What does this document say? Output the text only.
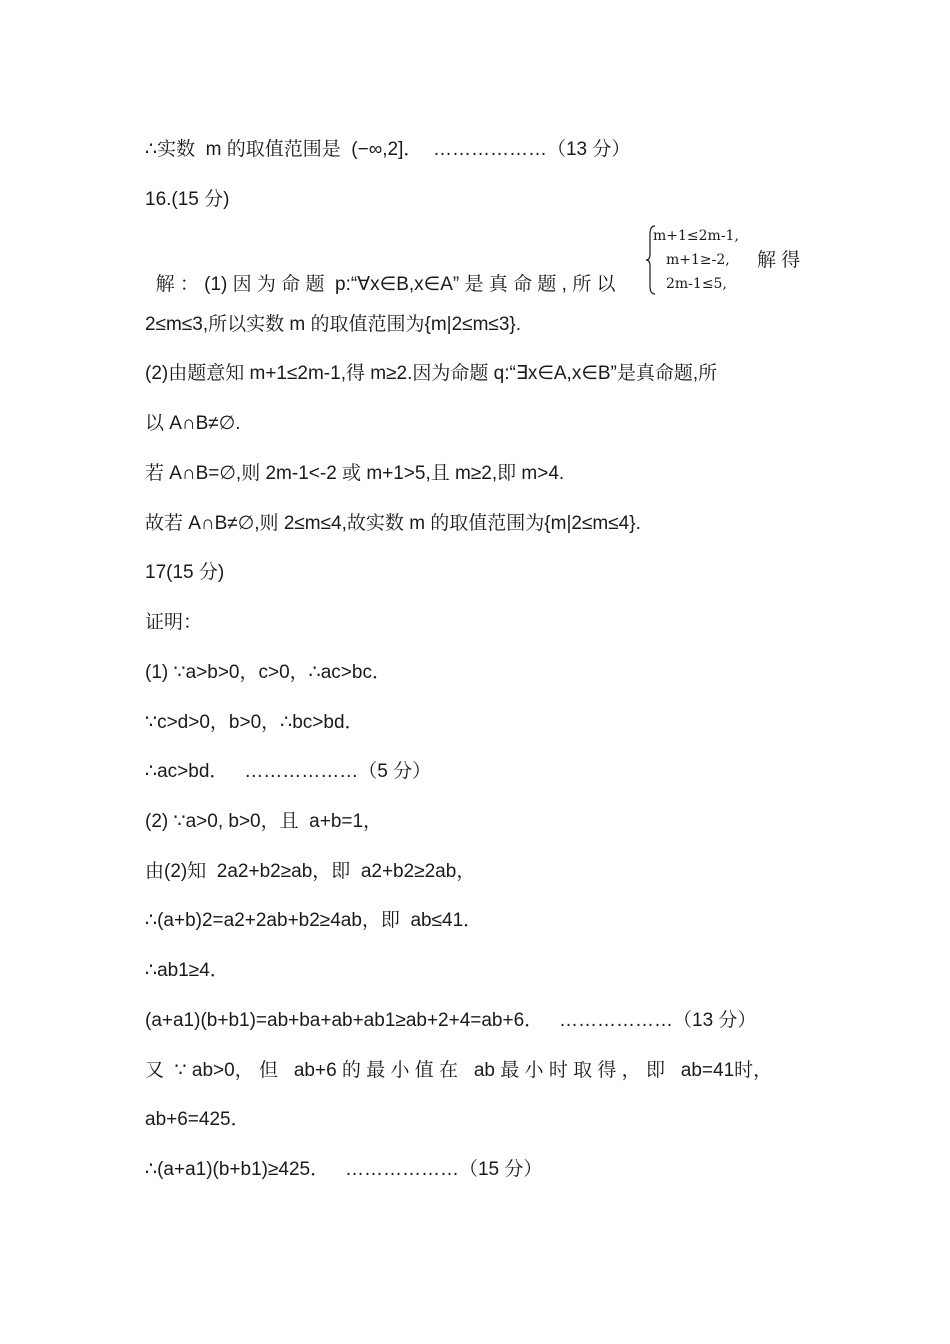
∴实数  m 的取值范围是  (−∞,2]．  ………………（13 分）
16.(15 分)

解 ： (1) 因 为 命 题  p:“∀x∈B,x∈A” 是 真 命 题 , 所 以

m+1≤2m-1,
m+1≥-2,
2m-1≤5,
解 得
2≤m≤3,所以实数 m 的取值范围为{m|2≤m≤3}.
(2)由题意知 m+1≤2m-1,得 m≥2.因为命题 q:“∃x∈A,x∈B”是真命题,所
以 A∩B≠∅.
若 A∩B=∅,则 2m-1<-2 或 m+1>5,且 m≥2,即 m>4.
故若 A∩B≠∅,则 2≤m≤4,故实数 m 的取值范围为{m|2≤m≤4}.
17(15 分)
证明：
(1) ∵a>b>0，c>0，∴ac>bc．
∵c>d>0，b>0，∴bc>bd．
∴ac>bd．   ………………（5 分）
(2) ∵a>0, b>0，且  a+b=1，
由(2)知  2a2+b2≥ab，即  a2+b2≥2ab，
∴(a+b)2=a2+2ab+b2≥4ab，即  ab≤41．
∴ab1≥4．
(a+a1)(b+b1)=ab+ba+ab+ab1≥ab+2+4=ab+6．   ………………（13 分）
又  ∵ ab>0， 但   ab+6 的 最 小 值 在   ab 最 小 时 取 得 ， 即   ab=41时，
ab+6=425．
∴(a+a1)(b+b1)≥425．   ………………（15 分）
